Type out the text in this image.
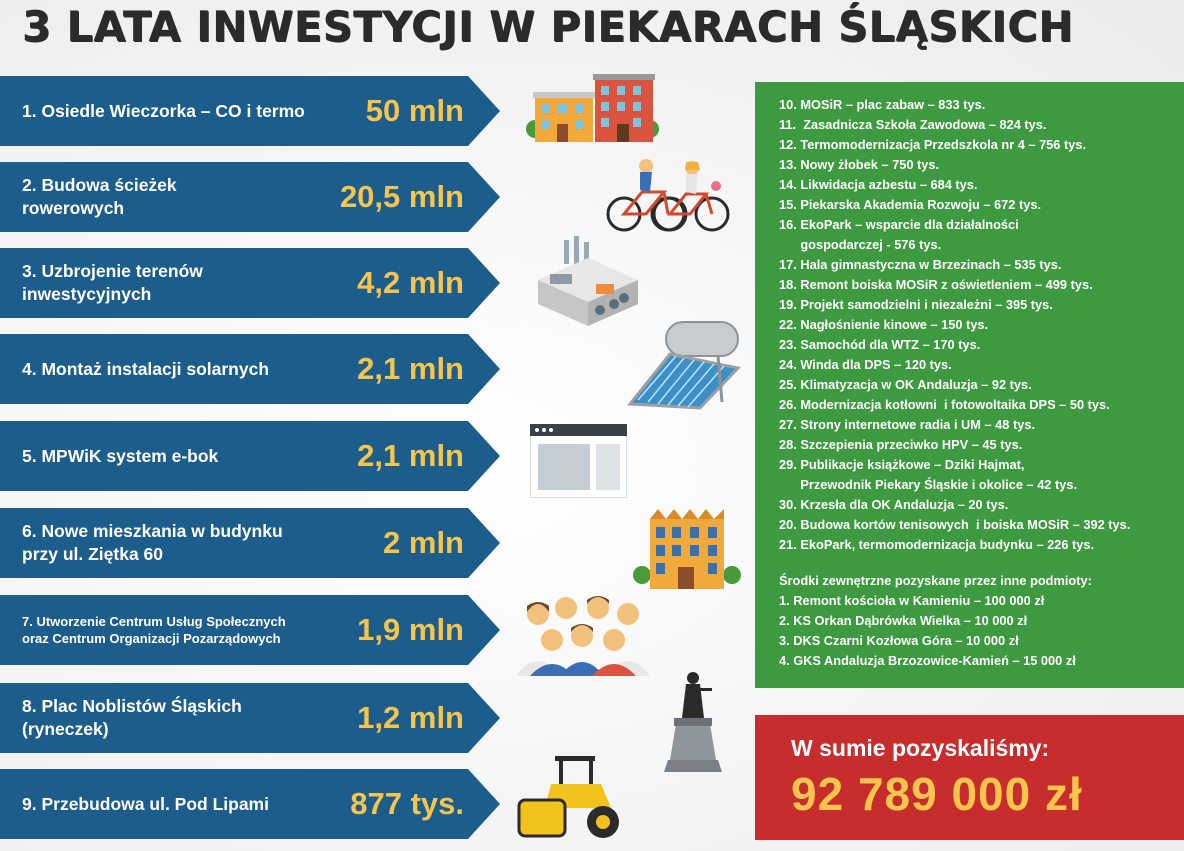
3 LATA INWESTYCJI W PIEKARACH ŚLĄSKICH
1. Osiedle Wieczorka – CO i termo	50 mln
2. Budowa ścieżek
rowerowych	20,5 mln
3. Uzbrojenie terenów
inwestycyjnych	4,2 mln
4. Montaż instalacji solarnych	2,1 mln
5. MPWiK system e-bok	2,1 mln
6. Nowe mieszkania w budynku
przy ul. Ziętka 60	2 mln
7. Utworzenie Centrum Usług Społecznych
oraz Centrum Organizacji Pozarządowych	1,9 mln
8. Plac Noblistów Śląskich
(ryneczek)	1,2 mln
9. Przebudowa ul. Pod Lipami	877 tys.
10. MOSiR – plac zabaw – 833 tys.
11.  Zasadnicza Szkoła Zawodowa – 824 tys.
12. Termomodernizacja Przedszkola nr 4 – 756 tys.
13. Nowy żłobek – 750 tys.
14. Likwidacja azbestu – 684 tys.
15. Piekarska Akademia Rozwoju – 672 tys.
16. EkoPark – wsparcie dla działalności
gospodarczej - 576 tys.
17. Hala gimnastyczna w Brzezinach – 535 tys.
18. Remont boiska MOSiR z oświetleniem – 499 tys.
19. Projekt samodzielni i niezależni – 395 tys.
22. Nagłośnienie kinowe – 150 tys.
23. Samochód dla WTZ – 170 tys.
24. Winda dla DPS – 120 tys.
25. Klimatyzacja w OK Andaluzja – 92 tys.
26. Modernizacja kotłowni  i fotowoltaika DPS – 50 tys.
27. Strony internetowe radia i UM – 48 tys.
28. Szczepienia przeciwko HPV – 45 tys.
29. Publikacje książkowe – Dziki Hajmat,
Przewodnik Piekary Śląskie i okolice – 42 tys.
30. Krzesła dla OK Andaluzja – 20 tys.
20. Budowa kortów tenisowych  i boiska MOSiR – 392 tys.
21. EkoPark, termomodernizacja budynku – 226 tys.
Środki zewnętrzne pozyskane przez inne podmioty:
1. Remont kościoła w Kamieniu – 100 000 zł
2. KS Orkan Dąbrówka Wielka – 10 000 zł
3. DKS Czarni Kozłowa Góra – 10 000 zł
4. GKS Andaluzja Brzozowice-Kamień – 15 000 zł
W sumie pozyskaliśmy:
92 789 000 zł
